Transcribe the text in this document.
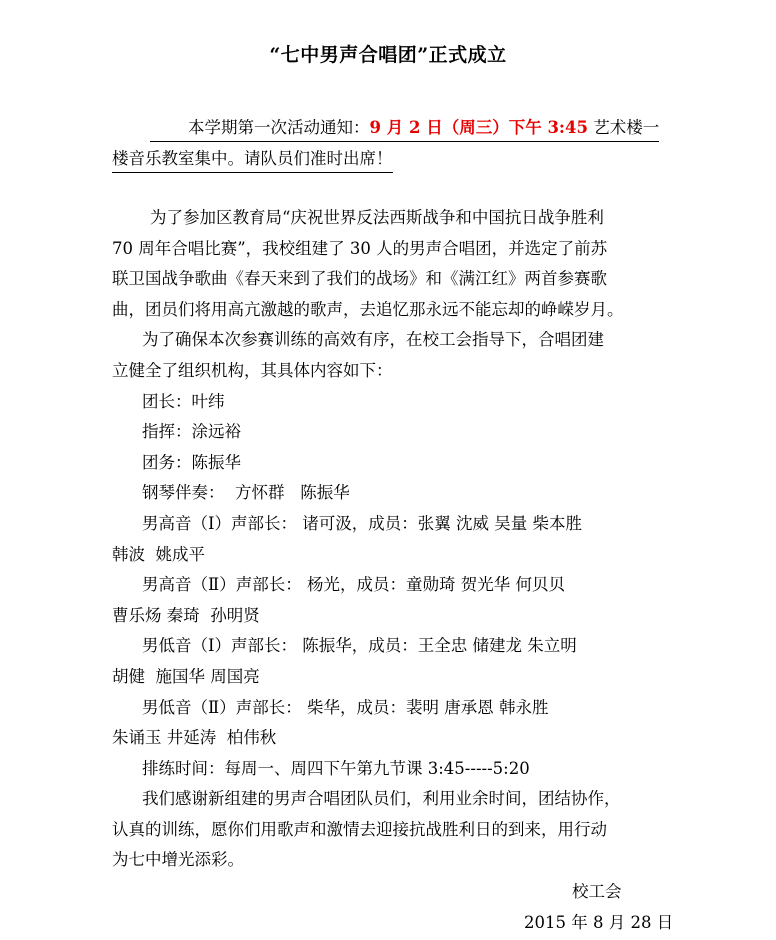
“七中男声合唱团”正式成立
本学期第一次活动通知：9 月 2 日（周三）下午 3:45 艺术楼一
楼音乐教室集中。请队员们准时出席！

为了参加区教育局“庆祝世界反法西斯战争和中国抗日战争胜利

70 周年合唱比赛”，我校组建了 30 人的男声合唱团，并选定了前苏

联卫国战争歌曲《春天来到了我们的战场》和《满江红》两首参赛歌

曲，团员们将用高亢激越的歌声，去追忆那永远不能忘却的峥嵘岁月。

为了确保本次参赛训练的高效有序，在校工会指导下，合唱团建

立健全了组织机构，其具体内容如下：

团长：叶纬

指挥：涂远裕

团务：陈振华

钢琴伴奏：  方怀群   陈振华

男高音（Ⅰ）声部长： 诸可汲，成员：张翼 沈威 吴量 柴本胜

韩波  姚成平

男高音（Ⅱ）声部长： 杨光，成员：童勋琦 贺光华 何贝贝

曹乐炀 秦琦  孙明贤

男低音（Ⅰ）声部长： 陈振华，成员：王全忠 储建龙 朱立明

胡健  施国华 周国亮

男低音（Ⅱ）声部长： 柴华，成员：裴明 唐承恩 韩永胜

朱诵玉 井延涛  柏伟秋

排练时间：每周一、周四下午第九节课 3:45-----5:20

我们感谢新组建的男声合唱团队员们，利用业余时间，团结协作，

认真的训练，愿你们用歌声和激情去迎接抗战胜利日的到来，用行动

为七中增光添彩。

校工会
2015 年 8 月 28 日
